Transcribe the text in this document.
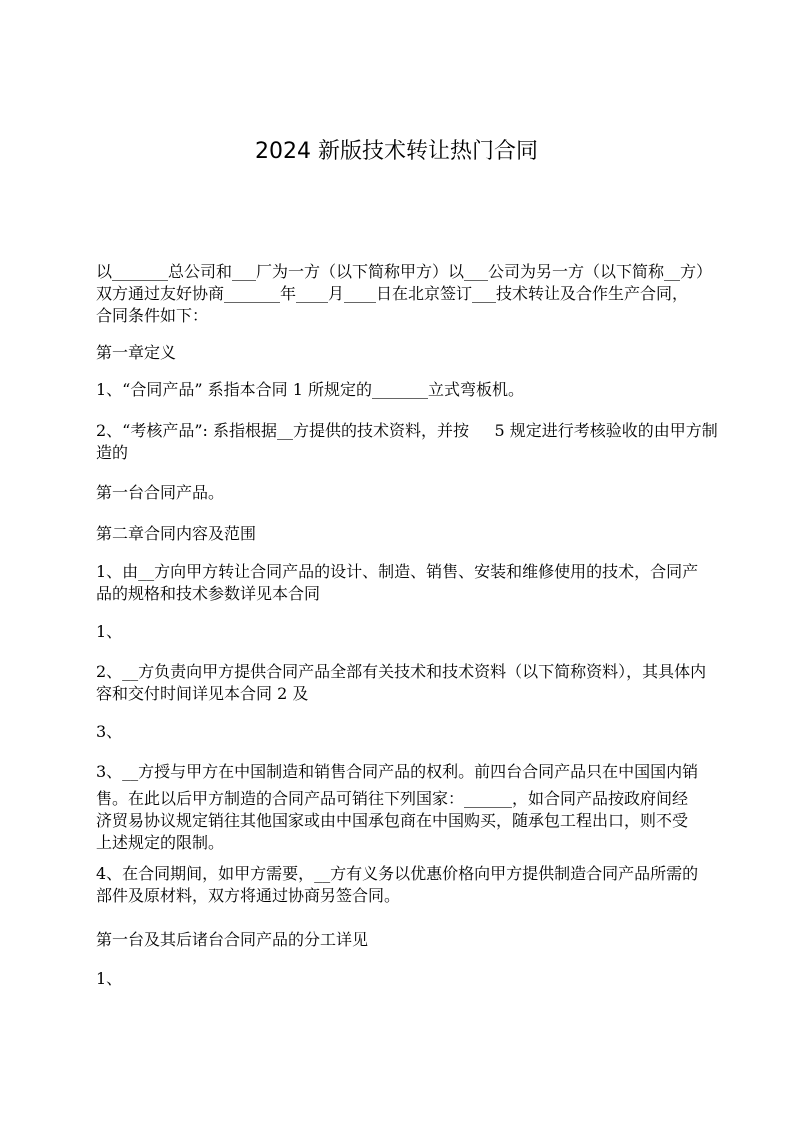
2024 新版技术转让热门合同
以_______总公司和___厂为一方（以下简称甲方）以___公司为另一方（以下简称__方）
双方通过友好协商_______年____月____日在北京签订___技术转让及合作生产合同，
合同条件如下：
第一章定义
1、“合同产品” 系指本合同 1 所规定的_______立式弯板机。
2、“考核产品”: 系指根据__方提供的技术资料，并按     5 规定进行考核验收的由甲方制
造的
第一台合同产品。
第二章合同内容及范围
1、由__方向甲方转让合同产品的设计、制造、销售、安装和维修使用的技术，合同产
品的规格和技术参数详见本合同
1、
2、__方负责向甲方提供合同产品全部有关技术和技术资料（以下简称资料），其具体内
容和交付时间详见本合同 2 及
3、
3、__方授与甲方在中国制造和销售合同产品的权利。前四台合同产品只在中国国内销
售。在此以后甲方制造的合同产品可销往下列国家：______，如合同产品按政府间经
济贸易协议规定销往其他国家或由中国承包商在中国购买，随承包工程出口，则不受
上述规定的限制。
4、在合同期间，如甲方需要，__方有义务以优惠价格向甲方提供制造合同产品所需的
部件及原材料，双方将通过协商另签合同。
第一台及其后诸台合同产品的分工详见
1、
